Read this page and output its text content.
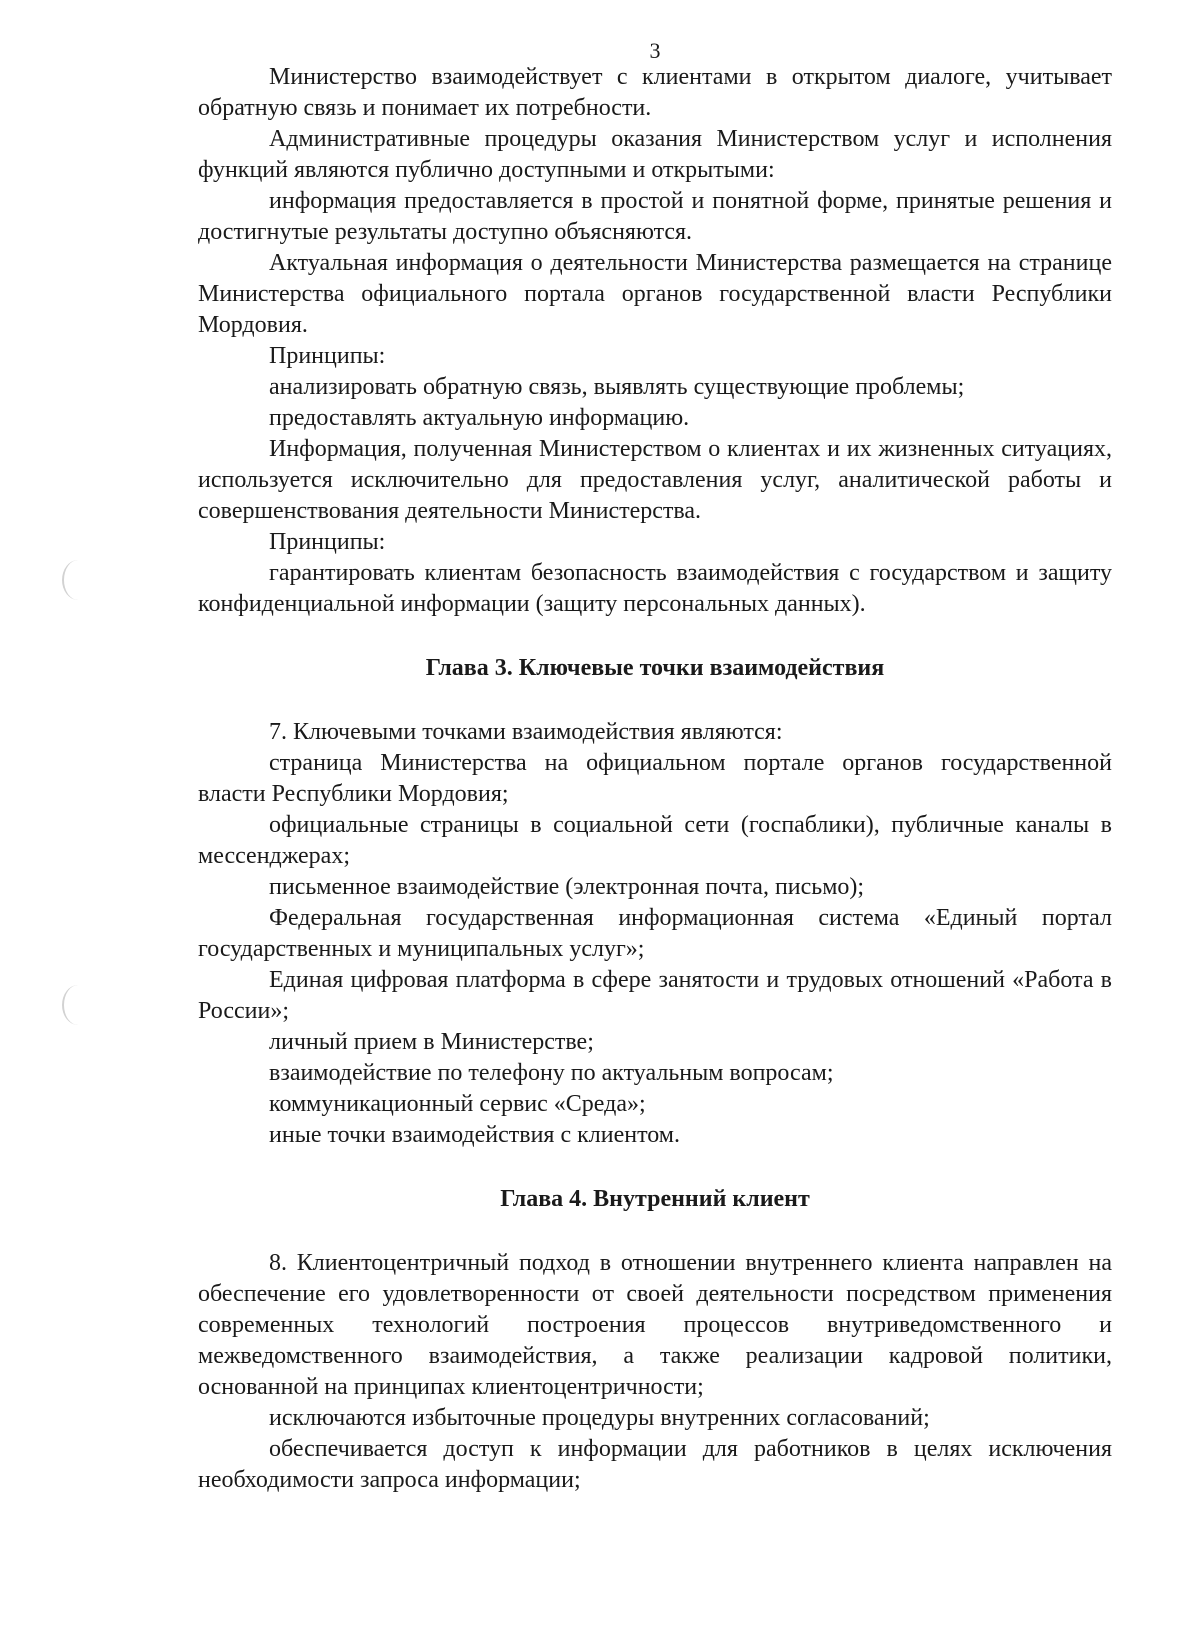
3

Министерство взаимодействует с клиентами в открытом диалоге, учитывает обратную связь и понимает их потребности.

Административные процедуры оказания Министерством услуг и исполнения функций являются публично доступными и открытыми:

информация предоставляется в простой и понятной форме, принятые решения и достигнутые результаты доступно объясняются.

Актуальная информация о деятельности Министерства размещается на странице Министерства официального портала органов государственной власти Республики Мордовия.

Принципы:

анализировать обратную связь, выявлять существующие проблемы;

предоставлять актуальную информацию.

Информация, полученная Министерством о клиентах и их жизненных ситуациях, используется исключительно для предоставления услуг, аналитической работы и совершенствования деятельности Министерства.

Принципы:

гарантировать клиентам безопасность взаимодействия с государством и защиту конфиденциальной информации (защиту персональных данных).

Глава 3. Ключевые точки взаимодействия

7. Ключевыми точками взаимодействия являются:

страница Министерства на официальном портале органов государственной власти Республики Мордовия;

официальные страницы в социальной сети (госпаблики), публичные каналы в мессенджерах;

письменное взаимодействие (электронная почта, письмо);

Федеральная государственная информационная система «Единый портал государственных и муниципальных услуг»;

Единая цифровая платформа в сфере занятости и трудовых отношений «Работа в России»;

личный прием в Министерстве;

взаимодействие по телефону по актуальным вопросам;

коммуникационный сервис «Среда»;

иные точки взаимодействия с клиентом.

Глава 4. Внутренний клиент

8. Клиентоцентричный подход в отношении внутреннего клиента направлен на обеспечение его удовлетворенности от своей деятельности посредством применения современных технологий построения процессов внутриведомственного и межведомственного взаимодействия, а также реализации кадровой политики, основанной на принципах клиентоцентричности;

исключаются избыточные процедуры внутренних согласований;

обеспечивается доступ к информации для работников в целях исключения необходимости запроса информации;
